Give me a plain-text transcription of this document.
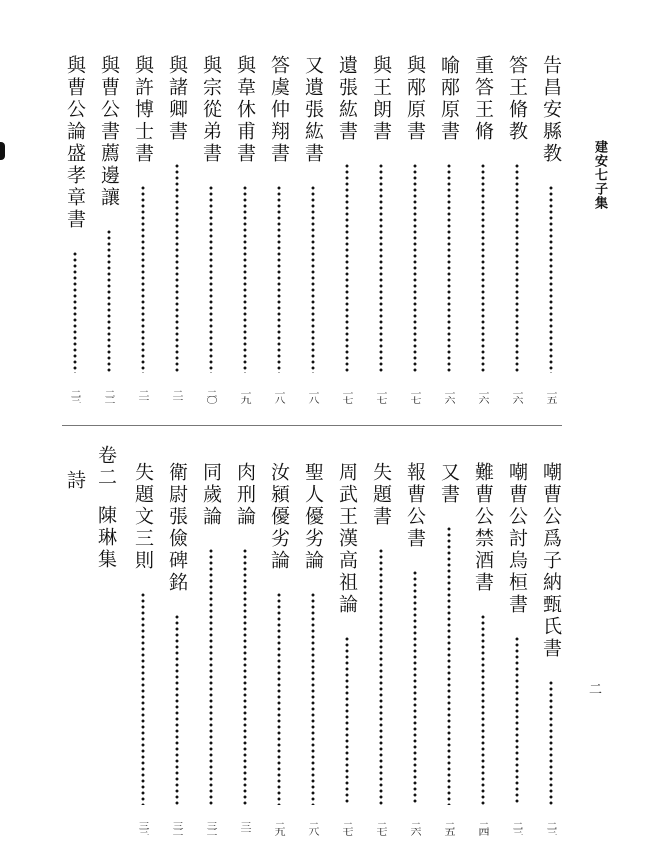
建安七子集
二
告昌安縣教
一五
答王脩教
一六
重答王脩
一六
喻邴原書
一六
與邴原書
一七
與王朗書
一七
遺張紘書
一七
又遺張紘書
一八
答虞仲翔書
一八
與韋休甫書
一九
與宗從弟書
二〇
與諸卿書
二一
與許博士書
二一
與曹公書薦邊讓
二二
與曹公論盛孝章書
二三
嘲曹公爲子納甄氏書
二三
嘲曹公討烏桓書
二三
難曹公禁酒書
二四
又書
二五
報曹公書
二六
失題書
二七
周武王漢高祖論
二七
聖人優劣論
二八
汝潁優劣論
二九
肉刑論
三一
同歲論
三二
衛尉張儉碑銘
三二
失題文三則
三三
卷二陳琳集
詩
